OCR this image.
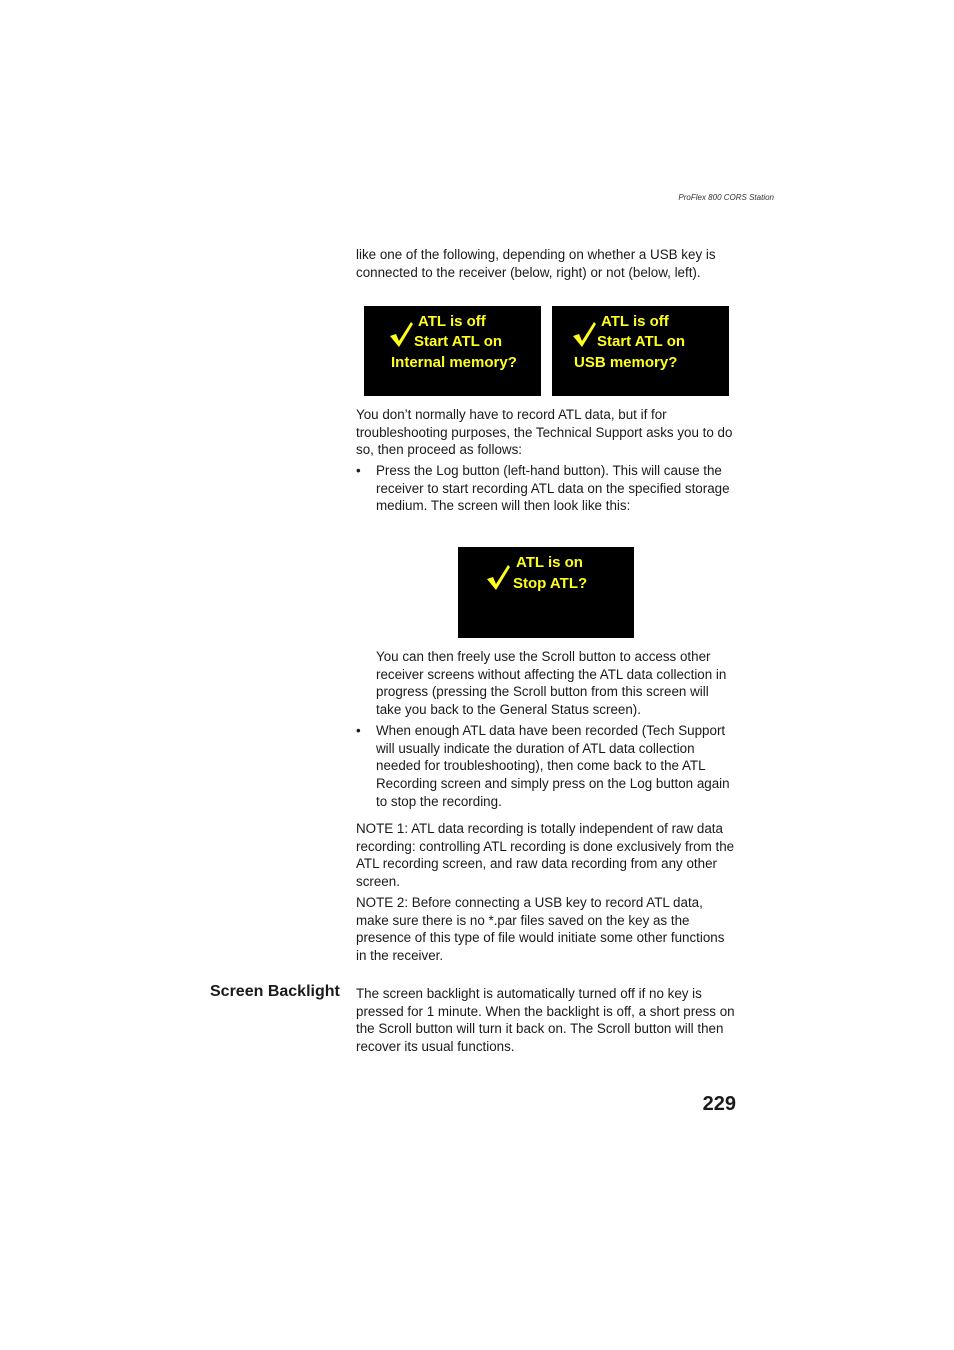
ProFlex 800 CORS Station

like one of the following, depending on whether a USB key is connected to the receiver (below, right) or not (below, left).

ATL is off
Start ATL on
Internal memory?
ATL is off
Start ATL on
USB memory?

You don’t normally have to record ATL data, but if for troubleshooting purposes, the Technical Support asks you to do so, then proceed as follows:

• Press the Log button (left-hand button). This will cause the receiver to start recording ATL data on the specified storage medium. The screen will then look like this:
ATL is on
Stop ATL?

You can then freely use the Scroll button to access other receiver screens without affecting the ATL data collection in progress (pressing the Scroll button from this screen will take you back to the General Status screen).

• When enough ATL data have been recorded (Tech Support will usually indicate the duration of ATL data collection needed for troubleshooting), then come back to the ATL Recording screen and simply press on the Log button again to stop the recording.

NOTE 1: ATL data recording is totally independent of raw data recording: controlling ATL recording is done exclusively from the ATL recording screen, and raw data recording from any other screen.

NOTE 2: Before connecting a USB key to record ATL data, make sure there is no *.par files saved on the key as the presence of this type of file would initiate some other functions in the receiver.

Screen Backlight The screen backlight is automatically turned off if no key is pressed for 1 minute. When the backlight is off, a short press on the Scroll button will turn it back on. The Scroll button will then recover its usual functions.

229
